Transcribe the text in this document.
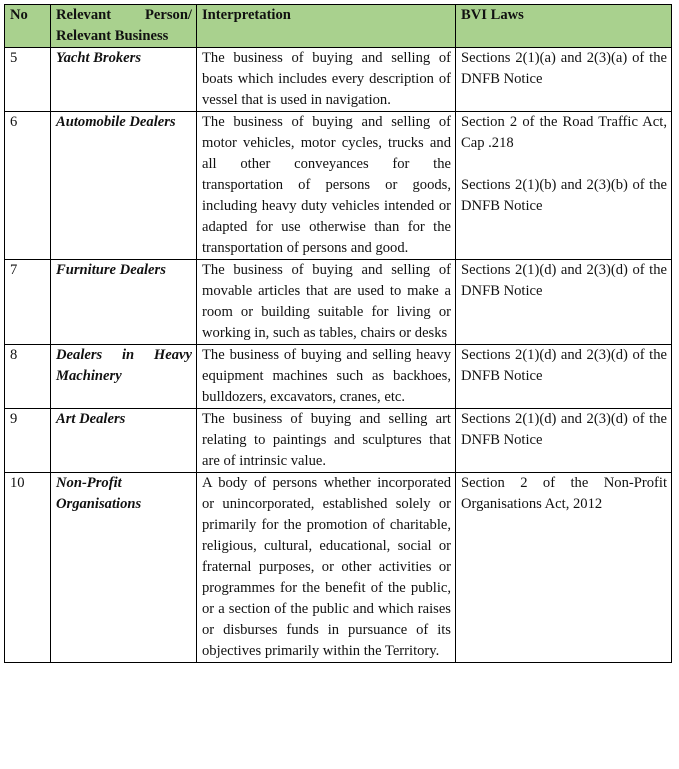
No	Relevant Person/ Relevant Business	Interpretation	BVI Laws
5	Yacht Brokers	The business of buying and selling of boats which includes every description of vessel that is used in navigation.	Sections 2(1)(a) and 2(3)(a) of the DNFB Notice

6	Automobile Dealers	The business of buying and selling of motor vehicles, motor cycles, trucks and all other conveyances for the transportation of persons or goods, including heavy duty vehicles intended or adapted for use otherwise than for the transportation of persons and good.	Section 2 of the Road Traffic Act, Cap .218
Sections 2(1)(b) and 2(3)(b) of the DNFB Notice

7	Furniture Dealers	The business of buying and selling of movable articles that are used to make a room or building suitable for living or working in, such as tables, chairs or desks	Sections 2(1)(d) and 2(3)(d) of the DNFB Notice

8	Dealers in Heavy Machinery	The business of buying and selling heavy equipment machines such as backhoes, bulldozers, excavators, cranes, etc.	Sections 2(1)(d) and 2(3)(d) of the DNFB Notice

9	Art Dealers	The business of buying and selling art relating to paintings and sculptures that are of intrinsic value.	Sections 2(1)(d) and 2(3)(d) of the DNFB Notice

10	Non-Profit Organisations	A body of persons whether incorporated or unincorporated, established solely or primarily for the promotion of charitable, religious, cultural, educational, social or fraternal purposes, or other activities or programmes for the benefit of the public, or a section of the public and which raises or disburses funds in pursuance of its objectives primarily within the Territory.	Section 2 of the Non-Profit Organisations Act, 2012
